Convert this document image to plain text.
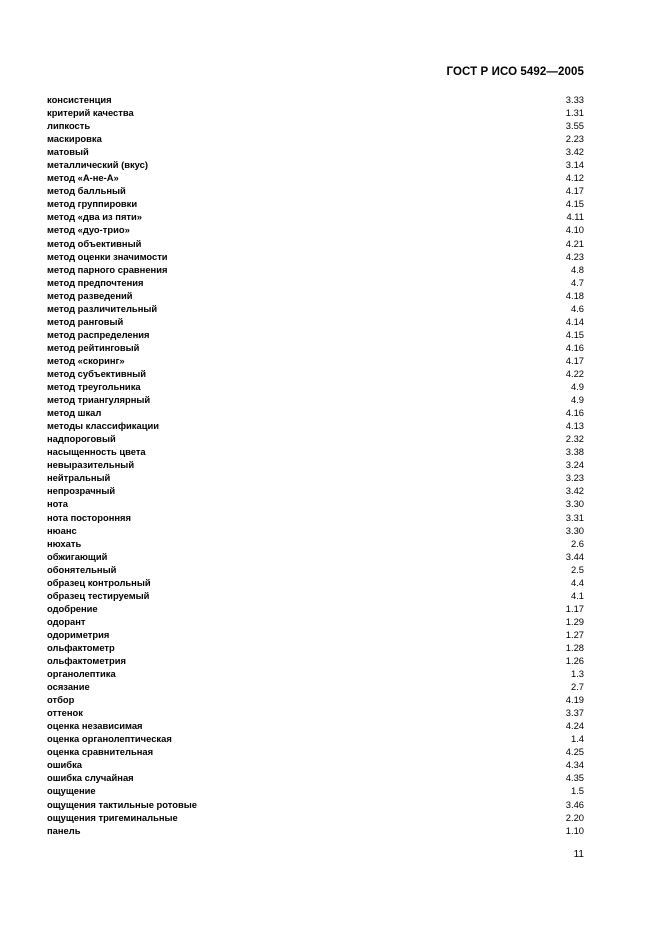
ГОСТ Р ИСО 5492—2005
консистенция	3.33
критерий качества	1.31
липкость	3.55
маскировка	2.23
матовый	3.42
металлический (вкус)	3.14
метод «А-не-А»	4.12
метод балльный	4.17
метод группировки	4.15
метод «два из пяти»	4.11
метод «дуо-трио»	4.10
метод объективный	4.21
метод оценки значимости	4.23
метод парного сравнения	4.8
метод предпочтения	4.7
метод разведений	4.18
метод различительный	4.6
метод ранговый	4.14
метод распределения	4.15
метод рейтинговый	4.16
метод «скоринг»	4.17
метод субъективный	4.22
метод треугольника	4.9
метод триангулярный	4.9
метод шкал	4.16
методы классификации	4.13
надпороговый	2.32
насыщенность цвета	3.38
невыразительный	3.24
нейтральный	3.23
непрозрачный	3.42
нота	3.30
нота посторонняя	3.31
нюанс	3.30
нюхать	2.6
обжигающий	3.44
обонятельный	2.5
образец контрольный	4.4
образец тестируемый	4.1
одобрение	1.17
одорант	1.29
одориметрия	1.27
ольфактометр	1.28
ольфактометрия	1.26
органолептика	1.3
осязание	2.7
отбор	4.19
оттенок	3.37
оценка независимая	4.24
оценка органолептическая	1.4
оценка сравнительная	4.25
ошибка	4.34
ошибка случайная	4.35
ощущение	1.5
ощущения тактильные ротовые	3.46
ощущения тригеминальные	2.20
панель	1.10
11
